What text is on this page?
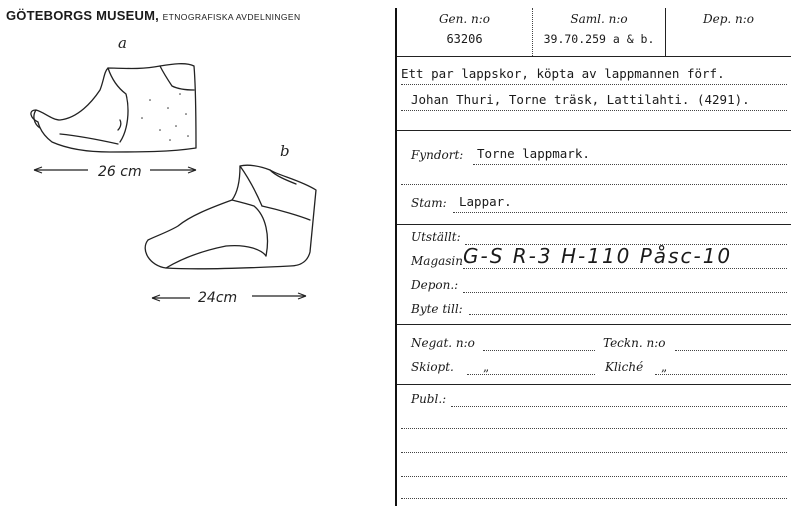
GÖTEBORGS MUSEUM, ETNOGRAFISKA AVDELNINGEN
a
26 cm
b
24cm
Gen. n:o
63206
Saml. n:o
39.70.259 a & b.
Dep. n:o
Ett par lappskor, köpta av lappmannen förf.
Johan Thuri, Torne träsk, Lattilahti. (4291).
Fyndort: Torne lappmark.
Stam: Lappar.
Utställt:
Magasin G-S R-3 H-110 Påsc-10
Depon.:
Byte till:
Negat. n:o	Teckn. n:o
Skiopt. „	Kliché „
Publ.:
